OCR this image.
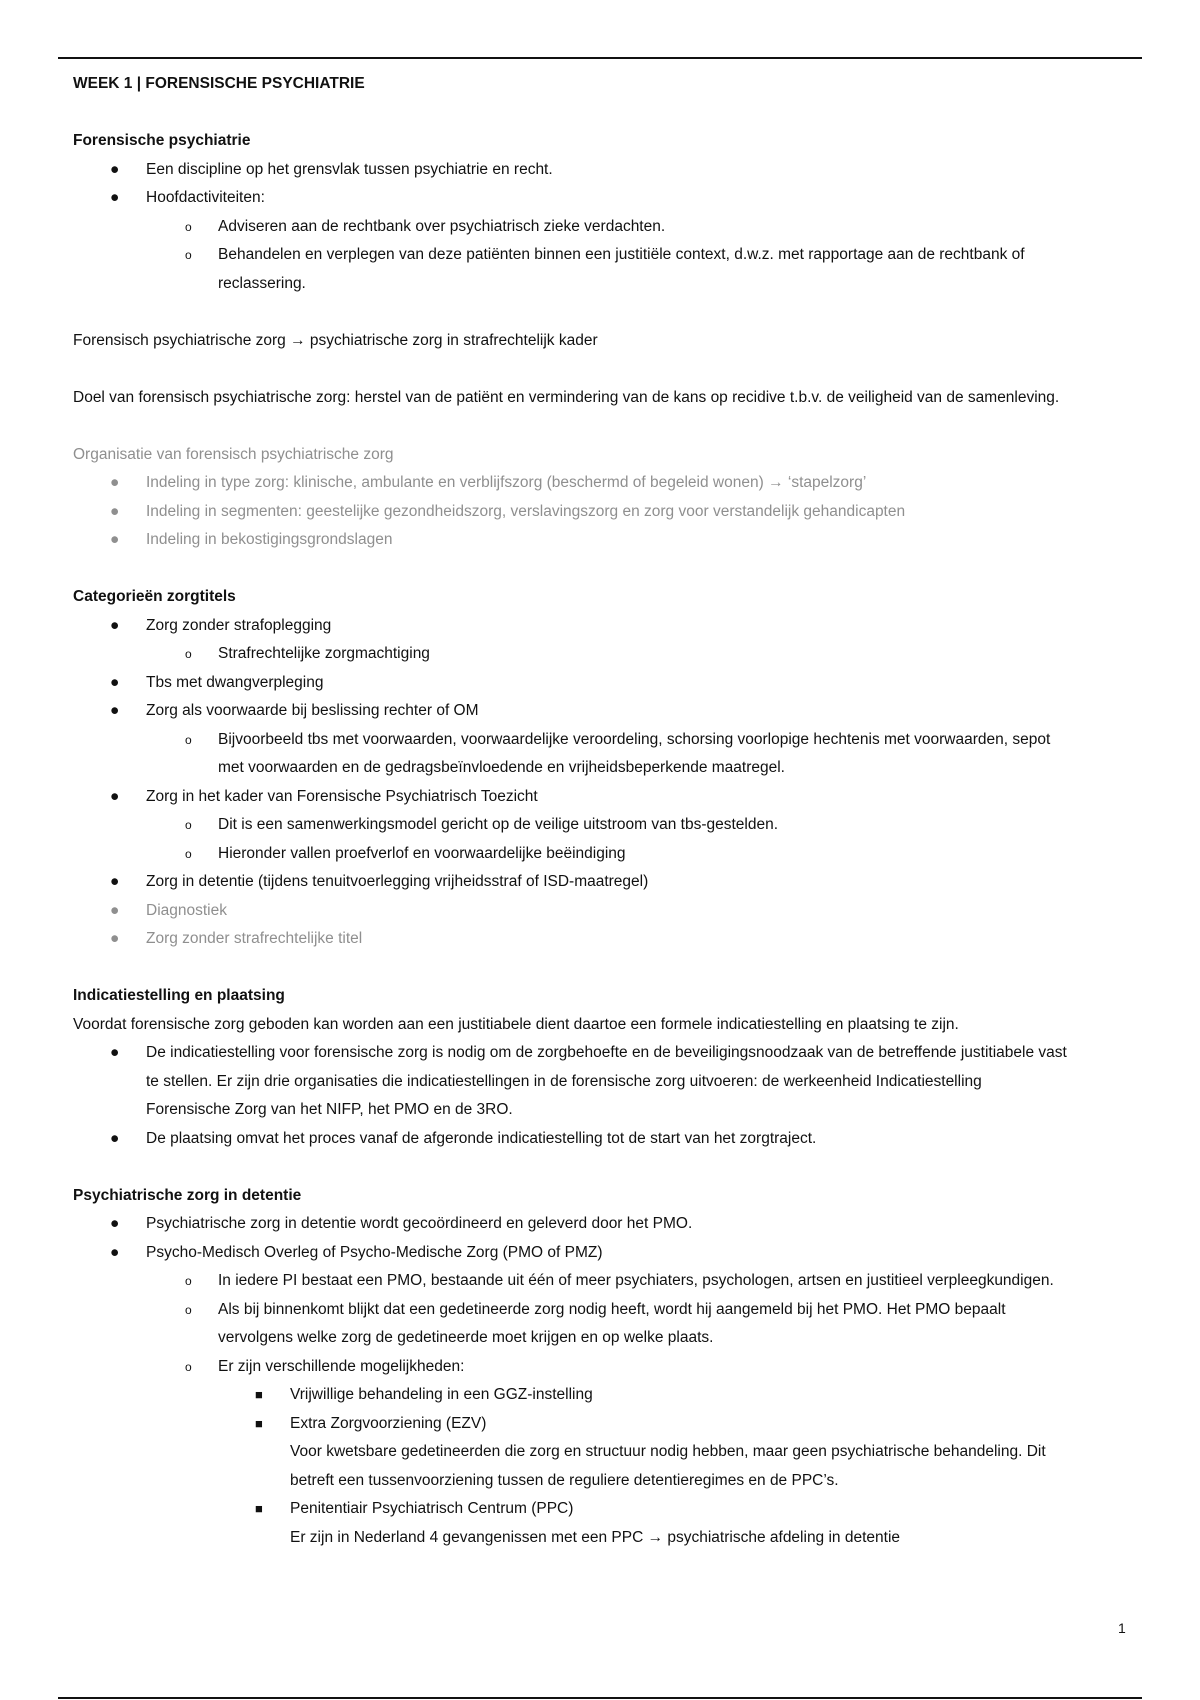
WEEK 1 | FORENSISCHE PSYCHIATRIE
Forensische psychiatrie
● Een discipline op het grensvlak tussen psychiatrie en recht.
● Hoofdactiviteiten:
o Adviseren aan de rechtbank over psychiatrisch zieke verdachten.
o Behandelen en verplegen van deze patiënten binnen een justitiële context, d.w.z. met rapportage aan de rechtbank of
reclassering.
Forensisch psychiatrische zorg → psychiatrische zorg in strafrechtelijk kader
Doel van forensisch psychiatrische zorg: herstel van de patiënt en vermindering van de kans op recidive t.b.v. de veiligheid van de samenleving.
Organisatie van forensisch psychiatrische zorg
● Indeling in type zorg: klinische, ambulante en verblijfszorg (beschermd of begeleid wonen) → ‘stapelzorg’
● Indeling in segmenten: geestelijke gezondheidszorg, verslavingszorg en zorg voor verstandelijk gehandicapten
● Indeling in bekostigingsgrondslagen
Categorieën zorgtitels
● Zorg zonder strafoplegging
o Strafrechtelijke zorgmachtiging
● Tbs met dwangverpleging
● Zorg als voorwaarde bij beslissing rechter of OM
o Bijvoorbeeld tbs met voorwaarden, voorwaardelijke veroordeling, schorsing voorlopige hechtenis met voorwaarden, sepot
met voorwaarden en de gedragsbeïnvloedende en vrijheidsbeperkende maatregel.
● Zorg in het kader van Forensische Psychiatrisch Toezicht
o Dit is een samenwerkingsmodel gericht op de veilige uitstroom van tbs-gestelden.
o Hieronder vallen proefverlof en voorwaardelijke beëindiging
● Zorg in detentie (tijdens tenuitvoerlegging vrijheidsstraf of ISD-maatregel)
● Diagnostiek
● Zorg zonder strafrechtelijke titel
Indicatiestelling en plaatsing
Voordat forensische zorg geboden kan worden aan een justitiabele dient daartoe een formele indicatiestelling en plaatsing te zijn.
● De indicatiestelling voor forensische zorg is nodig om de zorgbehoefte en de beveiligingsnoodzaak van de betreffende justitiabele vast
te stellen. Er zijn drie organisaties die indicatiestellingen in de forensische zorg uitvoeren: de werkeenheid Indicatiestelling
Forensische Zorg van het NIFP, het PMO en de 3RO.
● De plaatsing omvat het proces vanaf de afgeronde indicatiestelling tot de start van het zorgtraject.
Psychiatrische zorg in detentie
● Psychiatrische zorg in detentie wordt gecoördineerd en geleverd door het PMO.
● Psycho-Medisch Overleg of Psycho-Medische Zorg (PMO of PMZ)
o In iedere PI bestaat een PMO, bestaande uit één of meer psychiaters, psychologen, artsen en justitieel verpleegkundigen.
o Als bij binnenkomt blijkt dat een gedetineerde zorg nodig heeft, wordt hij aangemeld bij het PMO. Het PMO bepaalt
vervolgens welke zorg de gedetineerde moet krijgen en op welke plaats.
o Er zijn verschillende mogelijkheden:
■ Vrijwillige behandeling in een GGZ-instelling
■ Extra Zorgvoorziening (EZV)
Voor kwetsbare gedetineerden die zorg en structuur nodig hebben, maar geen psychiatrische behandeling. Dit
betreft een tussenvoorziening tussen de reguliere detentieregimes en de PPC’s.
■ Penitentiair Psychiatrisch Centrum (PPC)
Er zijn in Nederland 4 gevangenissen met een PPC → psychiatrische afdeling in detentie
1
